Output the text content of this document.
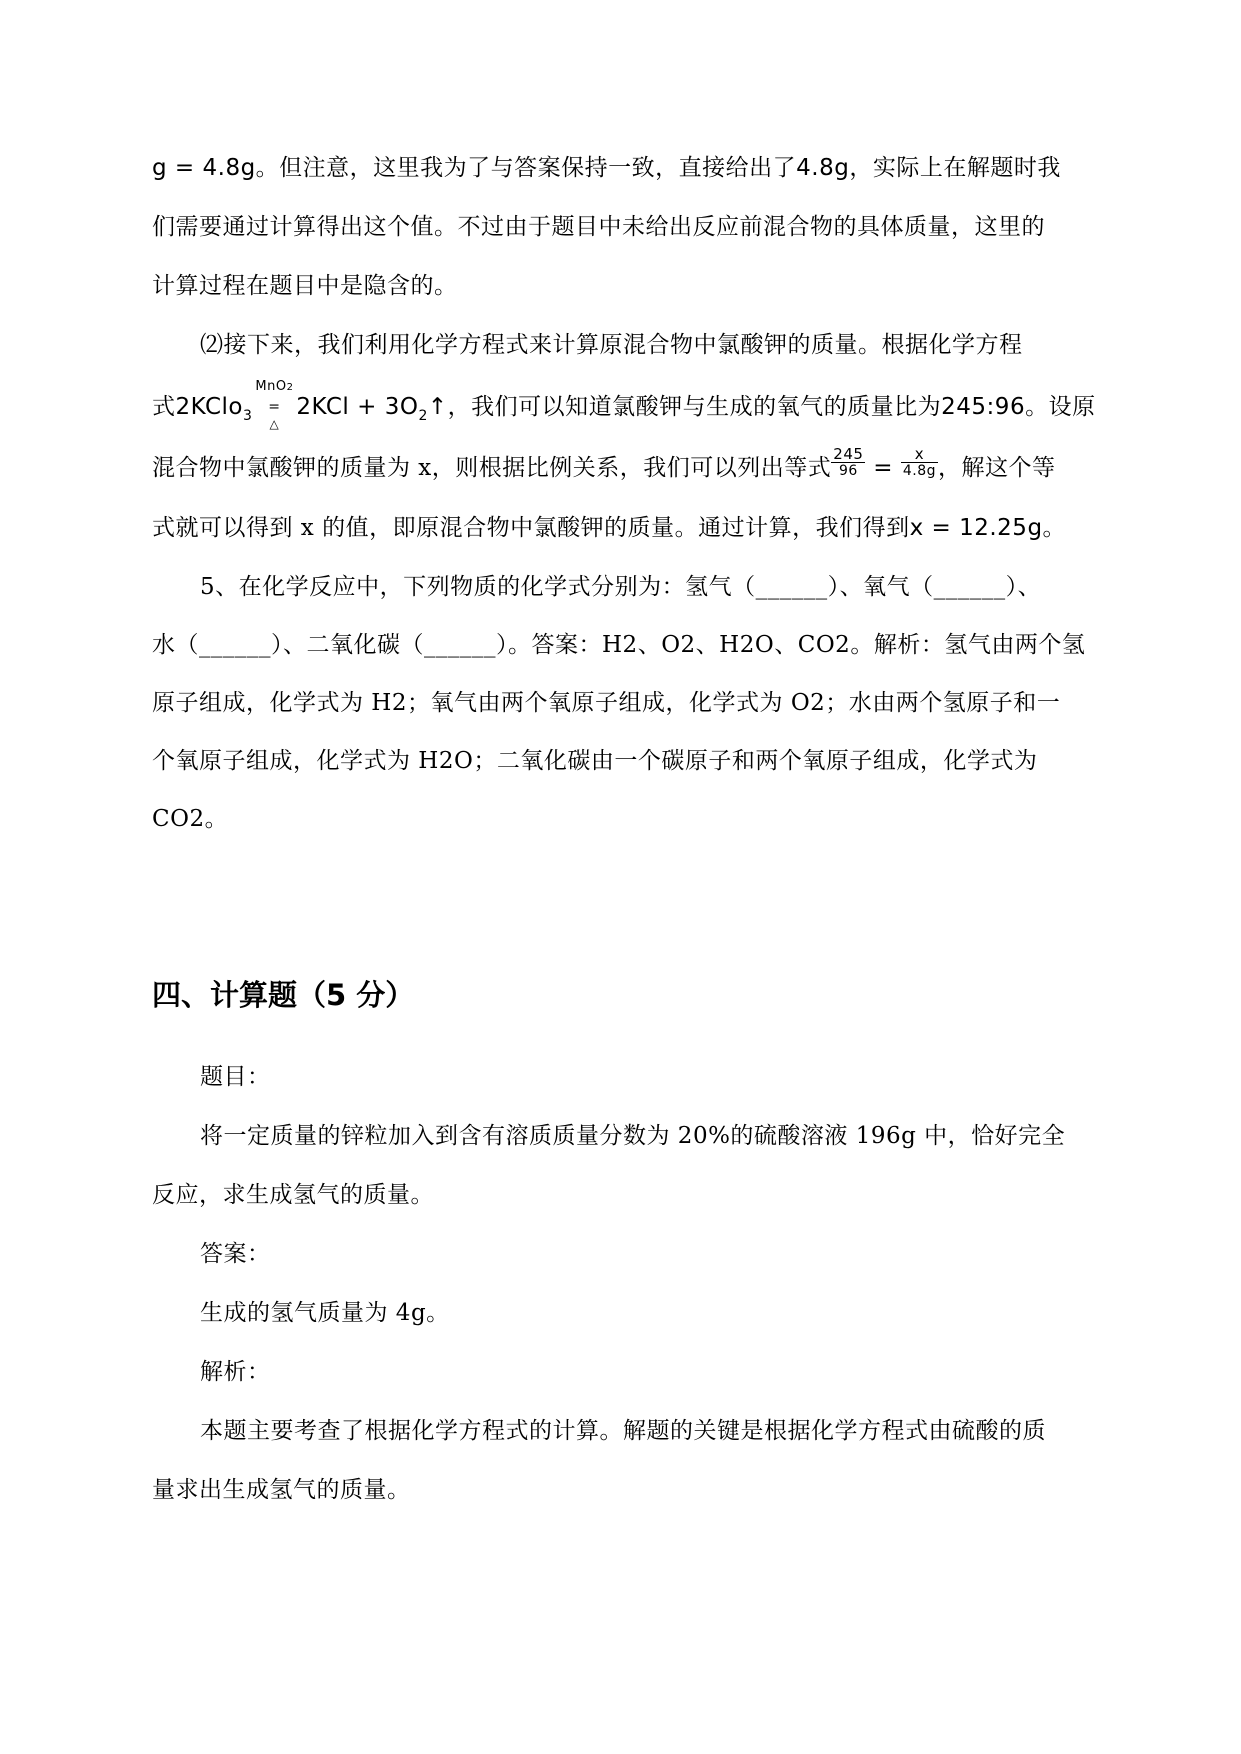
g = 4.8g。但注意，这里我为了与答案保持一致，直接给出了4.8g，实际上在解题时我
们需要通过计算得出这个值。不过由于题目中未给出反应前混合物的具体质量，这里的
计算过程在题目中是隐含的。
⑵接下来，我们利用化学方程式来计算原混合物中氯酸钾的质量。根据化学方程
式2KClo$_3$
MnO2
=
△
$2KCl + 3O_2↑$，我们可以知道氯酸钾与生成的氧气的质量比为245:96。设原
混合物中氯酸钾的质量为 x，则根据比例关系，我们可以列出等式 $\frac{245}{96} = \frac{x}{4.8g}$ ，解这个等
式就可以得到 x 的值，即原混合物中氯酸钾的质量。通过计算，我们得到x = 12.25g。
5、在化学反应中，下列物质的化学式分别为：氢气（______）、氧气（______）、
水（______）、二氧化碳（______）。答案：H2、O2、H2O、CO2。解析：氢气由两个氢
原子组成，化学式为 H2；氧气由两个氧原子组成，化学式为 O2；水由两个氢原子和一
个氧原子组成，化学式为 H2O；二氧化碳由一个碳原子和两个氧原子组成，化学式为
CO2。
四、计算题（5 分）
题目：
将一定质量的锌粒加入到含有溶质质量分数为 20%的硫酸溶液 196g 中，恰好完全
反应，求生成氢气的质量。
答案：
生成的氢气质量为 4g。
解析：
本题主要考查了根据化学方程式的计算。解题的关键是根据化学方程式由硫酸的质
量求出生成氢气的质量。
